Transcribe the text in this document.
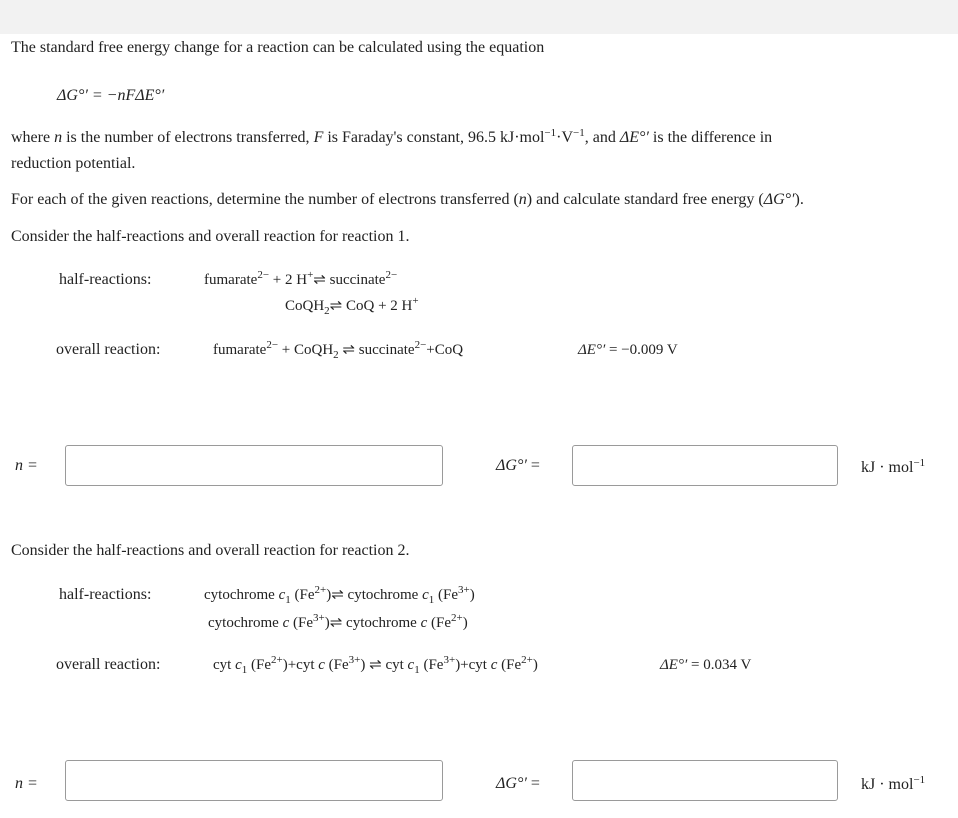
The standard free energy change for a reaction can be calculated using the equation
ΔG°′ = −nFΔE°′
where n is the number of electrons transferred, F is Faraday's constant, 96.5 $kJ\cdot mol^{-1}\cdot V^{-1}$, and ΔE°′ is the difference in
reduction potential.
For each of the given reactions, determine the number of electrons transferred (n) and calculate standard free energy (ΔG°′).
Consider the half-reactions and overall reaction for reaction 1.
half-reactions:	fumarate$^{2-}$ + 2 H+⇌ succinate$^{2-}$
CoQH$_2$⇌ CoQ + 2 H+
overall reaction:	fumarate$^{2-}$ + CoQH$_2$ ⇌ succinate$^{2-}$+CoQ	ΔE°′ = −0.009 V
n =	ΔG°′ =	kJ · mol$^{-1}$
Consider the half-reactions and overall reaction for reaction 2.
half-reactions:	cytochrome $c_1$ $(Fe^{2+})\rightleftharpoons$ cytochrome $c_1$ $(Fe^{3+})$
cytochrome c $(Fe^{3+})\rightleftharpoons$ cytochrome c $(Fe^{2+})$
overall reaction:	cyt $c_1$ $(Fe^{2+})+cyt$ c $(Fe^{3+})$ ⇌ cyt $c_1$ $(Fe^{3+})+cyt$ c $(Fe^{2+})$	ΔE°′ = 0.034 V
n =	ΔG°′ =	kJ · mol$^{-1}$
